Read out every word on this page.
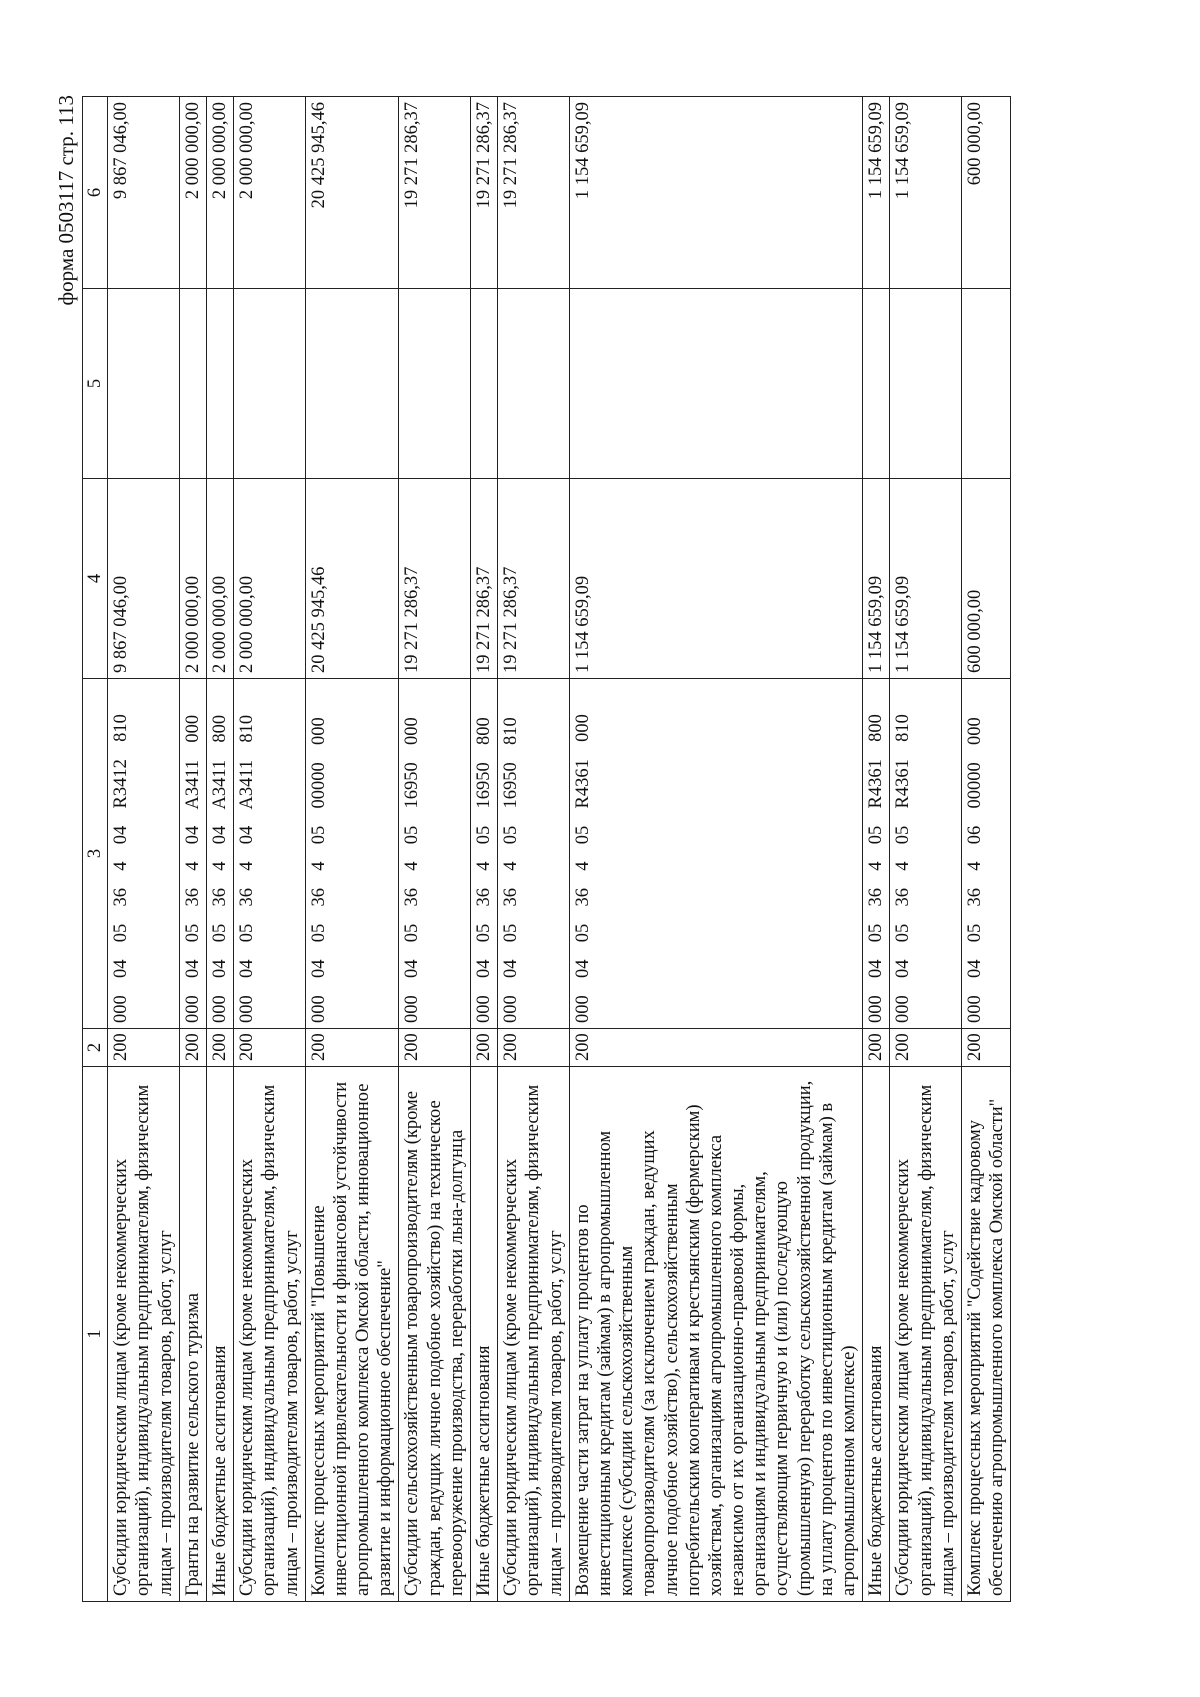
форма 0503117 стр. 113
1	2	3	4	5	6
Субсидии юридическим лицам (кроме некоммерческих организаций), индивидуальным предпринимателям, физическим лицам – производителям товаров, работ, услуг	200	000  04  05  36  4  04  R3412  810	9 867 046,00		9 867 046,00
Гранты на развитие сельского туризма	200	000  04  05  36  4  04  A3411  000	2 000 000,00		2 000 000,00
Иные бюджетные ассигнования	200	000  04  05  36  4  04  A3411  800	2 000 000,00		2 000 000,00
Субсидии юридическим лицам (кроме некоммерческих организаций), индивидуальным предпринимателям, физическим лицам – производителям товаров, работ, услуг	200	000  04  05  36  4  04  A3411  810	2 000 000,00		2 000 000,00
Комплекс процессных мероприятий "Повышение инвестиционной привлекательности и финансовой устойчивости агропромышленного комплекса Омской области, инновационное развитие и информационное обеспечение"	200	000  04  05  36  4  05  00000  000	20 425 945,46		20 425 945,46
Субсидии сельскохозяйственным товаропроизводителям (кроме граждан, ведущих личное подобное хозяйство) на техническое перевооружение производства, переработки льна-долгунца	200	000  04  05  36  4  05  16950  000	19 271 286,37		19 271 286,37
Иные бюджетные ассигнования	200	000  04  05  36  4  05  16950  800	19 271 286,37		19 271 286,37
Субсидии юридическим лицам (кроме некоммерческих организаций), индивидуальным предпринимателям, физическим лицам – производителям товаров, работ, услуг	200	000  04  05  36  4  05  16950  810	19 271 286,37		19 271 286,37
Возмещение части затрат на уплату процентов по инвестиционным кредитам (займам) в агропромышленном комплексе (субсидии сельскохозяйственным товаропроизводителям (за исключением граждан, ведущих личное подобное хозяйство), сельскохозяйственным потребительским кооперативам и крестьянским (фермерским) хозяйствам, организациям агропромышленного комплекса независимо от их организационно-правовой формы, организациям и индивидуальным предпринимателям, осуществляющим первичную и (или) последующую (промышленную) переработку сельскохозяйственной продукции, на уплату процентов по инвестиционным кредитам (займам) в агропромышленном комплексе)	200	000  04  05  36  4  05  R4361  000	1 154 659,09		1 154 659,09
Иные бюджетные ассигнования	200	000  04  05  36  4  05  R4361  800	1 154 659,09		1 154 659,09
Субсидии юридическим лицам (кроме некоммерческих организаций), индивидуальным предпринимателям, физическим лицам – производителям товаров, работ, услуг	200	000  04  05  36  4  05  R4361  810	1 154 659,09		1 154 659,09
Комплекс процессных мероприятий "Содействие кадровому обеспечению агропромышленного комплекса Омской области"	200	000  04  05  36  4  06  00000  000	600 000,00		600 000,00
